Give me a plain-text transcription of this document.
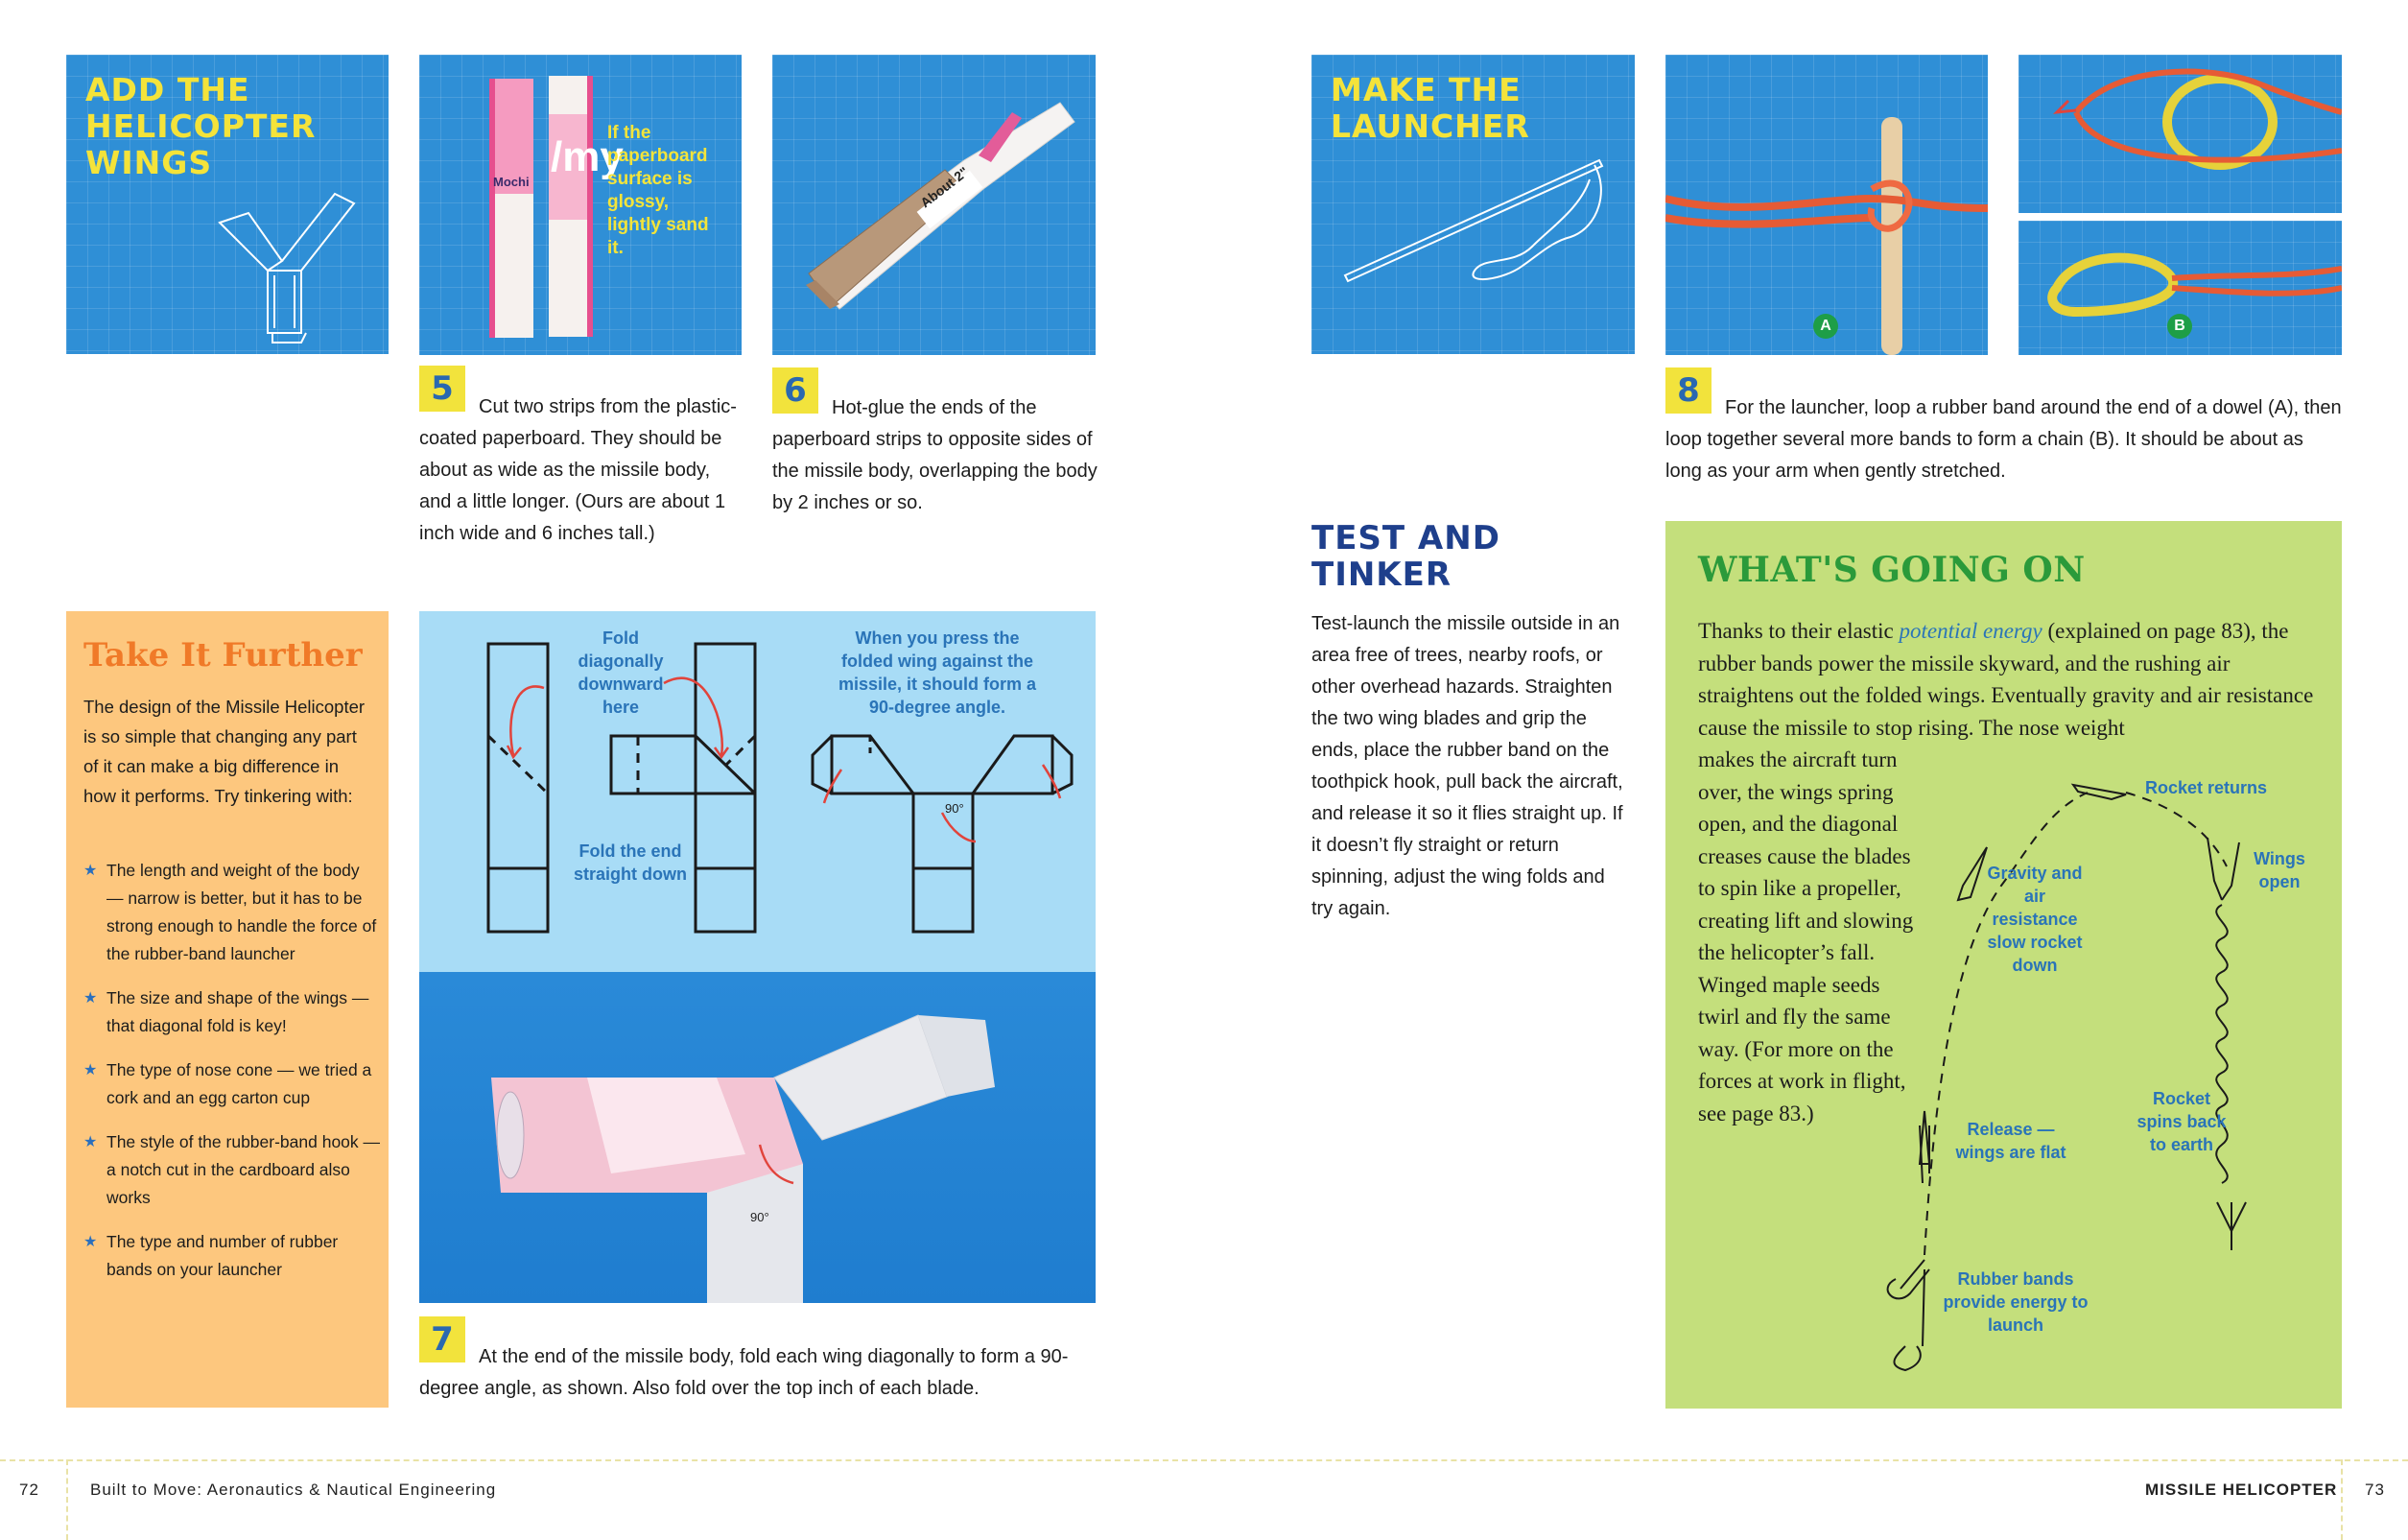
ADD THE HELICOPTER WINGS
Mochi
/my
If the paperboard surface is glossy, lightly sand it.
About 2"
5	Cut two strips from the plastic-coated paperboard. They should be about as wide as the missile body, and a little longer. (Ours are about 1 inch wide and 6 inches tall.)
6	Hot-glue the ends of the paperboard strips to opposite sides of the missile body, overlapping the body by 2 inches or so.
Take It Further
The design of the Missile Helicopter is so simple that changing any part of it can make a big difference in how it performs. Try tinkering with:
★ The length and weight of the body — narrow is better, but it has to be strong enough to handle the force of the rubber-band launcher
★ The size and shape of the wings — that diagonal fold is key!
★ The type of nose cone — we tried a cork and an egg carton cup
★ The style of the rubber-band hook — a notch cut in the cardboard also works
★ The type and number of rubber bands on your launcher
Fold diagonally downward here
Fold the end straight down
When you press the folded wing against the missile, it should form a 90-degree angle.
90°
90°
7	At the end of the missile body, fold each wing diagonally to form a 90-degree angle, as shown. Also fold over the top inch of each blade.
MAKE THE LAUNCHER
A	B
8	For the launcher, loop a rubber band around the end of a dowel (A), then loop together several more bands to form a chain (B). It should be about as long as your arm when gently stretched.
TEST AND TINKER
Test-launch the missile outside in an area free of trees, nearby roofs, or other overhead hazards. Straighten the two wing blades and grip the ends, place the rubber band on the toothpick hook, pull back the aircraft, and release it so it flies straight up. If it doesn’t fly straight or return spinning, adjust the wing folds and try again.
WHAT'S GOING ON
Thanks to their elastic potential energy (explained on page 83), the rubber bands power the missile skyward, and the rushing air straightens out the folded wings. Eventually gravity and air resistance cause the missile to stop rising. The nose weight
makes the aircraft turn over, the wings spring open, and the diagonal creases cause the blades to spin like a propeller, creating lift and slowing the helicopter’s fall. Winged maple seeds twirl and fly the same way. (For more on the forces at work in flight, see page 83.)
Rocket returns
Wings open
Gravity and air resistance slow rocket down
Rocket spins back to earth
Release — wings are flat
Rubber bands provide energy to launch
72	Built to Move: Aeronautics & Nautical Engineering	MISSILE HELICOPTER 73
